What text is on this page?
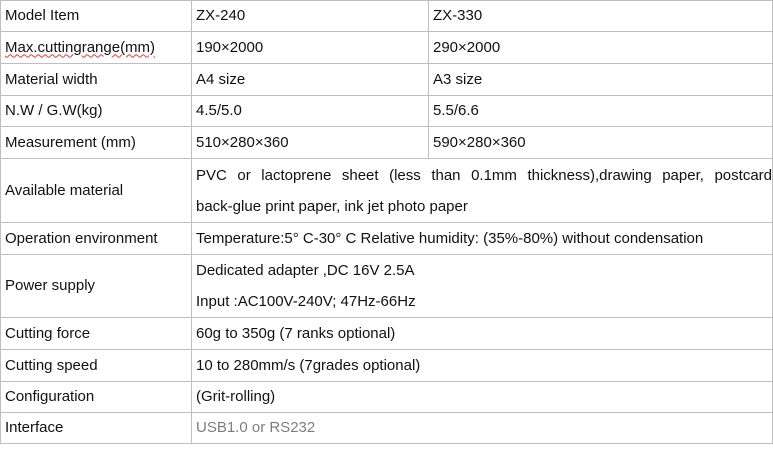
Model Item	ZX-240	ZX-330
Max.cuttingrange(mm)	190×2000	290×2000
Material width	A4 size	A3 size
N.W / G.W(kg)	4.5/5.0	5.5/6.6
Measurement (mm)	510×280×360	590×280×360
Available material	PVC or lactoprene sheet (less than 0.1mm thickness),drawing paper, postcard
back-glue print paper, ink jet photo paper	

Operation environment	Temperature:5° C-30° C Relative humidity: (35%-80%) without condensation	
Power supply	Dedicated adapter ,DC 16V 2.5A
Input :AC100V-240V; 47Hz-66Hz	

Cutting force	60g to 350g (7 ranks optional)	
Cutting speed	10 to 280mm/s (7grades optional)	
Configuration	(Grit-rolling)	
Interface	USB1.0 or RS232	
